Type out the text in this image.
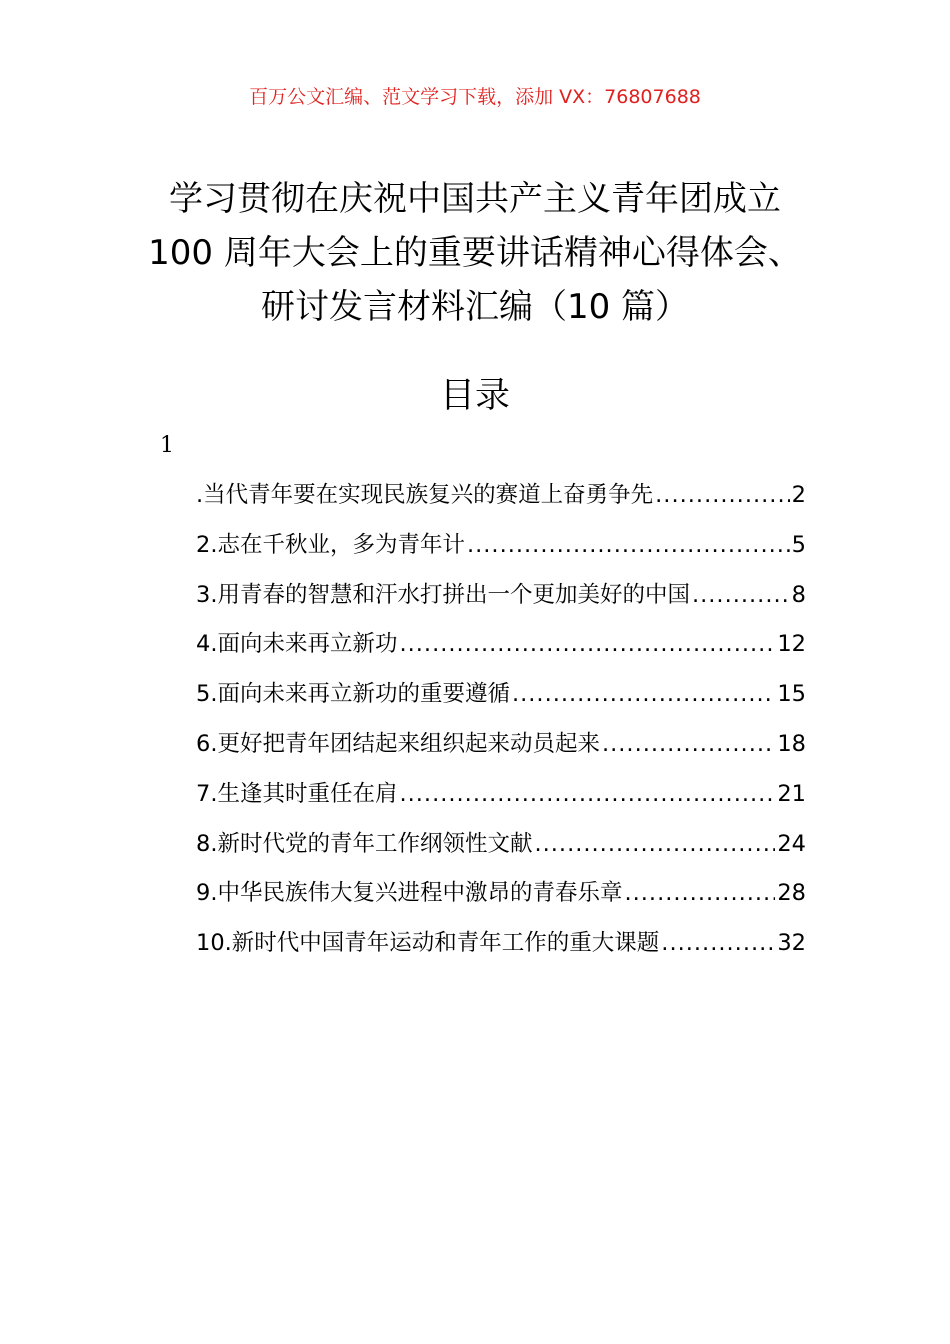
百万公文汇编、范文学习下载，添加 VX：76807688
学习贯彻在庆祝中国共产主义青年团成立
100 周年大会上的重要讲话精神心得体会、
研讨发言材料汇编（10 篇）
目录
1
.当代青年要在实现民族复兴的赛道上奋勇争先 .....	2
2.志在千秋业，多为青年计 .....	5
3.用青春的智慧和汗水打拼出一个更加美好的中国 .....	8
4.面向未来再立新功 .....	12
5.面向未来再立新功的重要遵循 .....	15
6.更好把青年团结起来组织起来动员起来 .....	18
7.生逢其时重任在肩 .....	21
8.新时代党的青年工作纲领性文献 .....	24
9.中华民族伟大复兴进程中激昂的青春乐章 .....	28
10.新时代中国青年运动和青年工作的重大课题 .....	32
